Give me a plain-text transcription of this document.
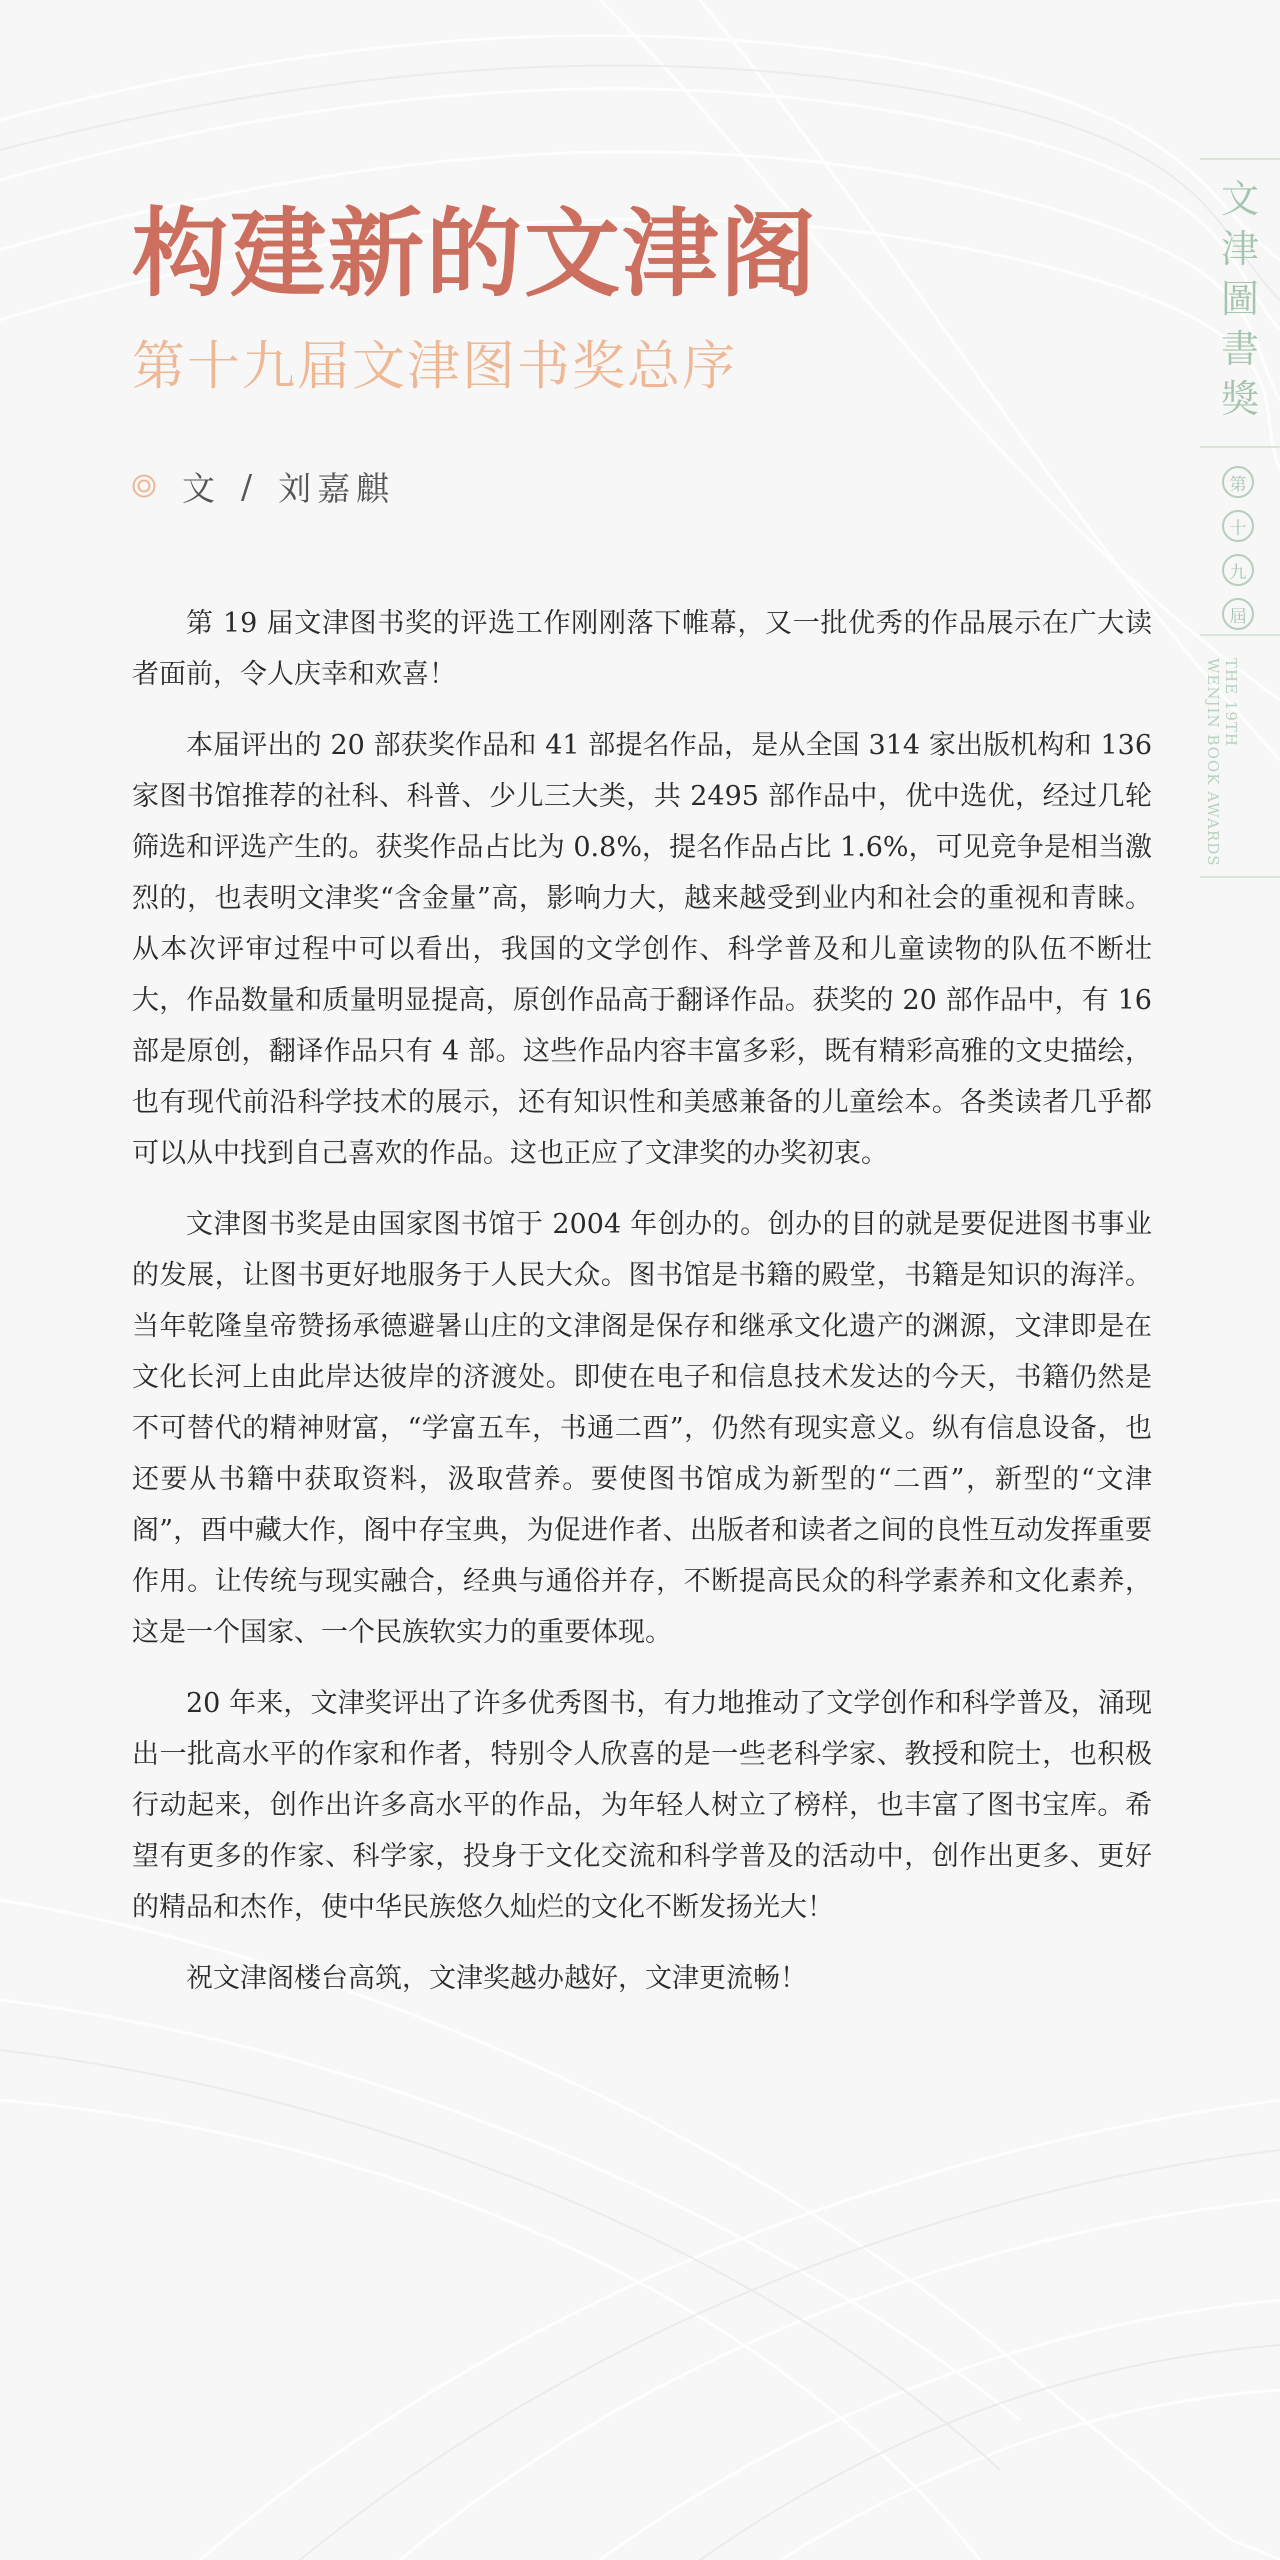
构建新的文津阁
第十九届文津图书奖总序
文 / 刘嘉麒

第 19 届文津图书奖的评选工作刚刚落下帷幕，又一批优秀的作品展示在广大读者面前，令人庆幸和欢喜！

本届评出的 20 部获奖作品和 41 部提名作品，是从全国 314 家出版机构和 136 家图书馆推荐的社科、科普、少儿三大类，共 2495 部作品中，优中选优，经过几轮筛选和评选产生的。获奖作品占比为 0.8%，提名作品占比 1.6%，可见竞争是相当激烈的，也表明文津奖“含金量”高，影响力大，越来越受到业内和社会的重视和青睐。从本次评审过程中可以看出，我国的文学创作、科学普及和儿童读物的队伍不断壮大，作品数量和质量明显提高，原创作品高于翻译作品。获奖的 20 部作品中，有 16 部是原创，翻译作品只有 4 部。这些作品内容丰富多彩，既有精彩高雅的文史描绘，也有现代前沿科学技术的展示，还有知识性和美感兼备的儿童绘本。各类读者几乎都可以从中找到自己喜欢的作品。这也正应了文津奖的办奖初衷。

文津图书奖是由国家图书馆于 2004 年创办的。创办的目的就是要促进图书事业的发展，让图书更好地服务于人民大众。图书馆是书籍的殿堂，书籍是知识的海洋。当年乾隆皇帝赞扬承德避暑山庄的文津阁是保存和继承文化遗产的渊源，文津即是在文化长河上由此岸达彼岸的济渡处。即使在电子和信息技术发达的今天，书籍仍然是不可替代的精神财富，“学富五车，书通二酉”，仍然有现实意义。纵有信息设备，也还要从书籍中获取资料，汲取营养。要使图书馆成为新型的“二酉”，新型的“文津阁”，酉中藏大作，阁中存宝典，为促进作者、出版者和读者之间的良性互动发挥重要作用。让传统与现实融合，经典与通俗并存，不断提高民众的科学素养和文化素养，这是一个国家、一个民族软实力的重要体现。

20 年来，文津奖评出了许多优秀图书，有力地推动了文学创作和科学普及，涌现出一批高水平的作家和作者，特别令人欣喜的是一些老科学家、教授和院士，也积极行动起来，创作出许多高水平的作品，为年轻人树立了榜样，也丰富了图书宝库。希望有更多的作家、科学家，投身于文化交流和科学普及的活动中，创作出更多、更好的精品和杰作，使中华民族悠久灿烂的文化不断发扬光大！

祝文津阁楼台高筑，文津奖越办越好，文津更流畅！

文津圖書獎
第
十
九
屆
THE 19TH
WENJIN BOOK AWARDS
